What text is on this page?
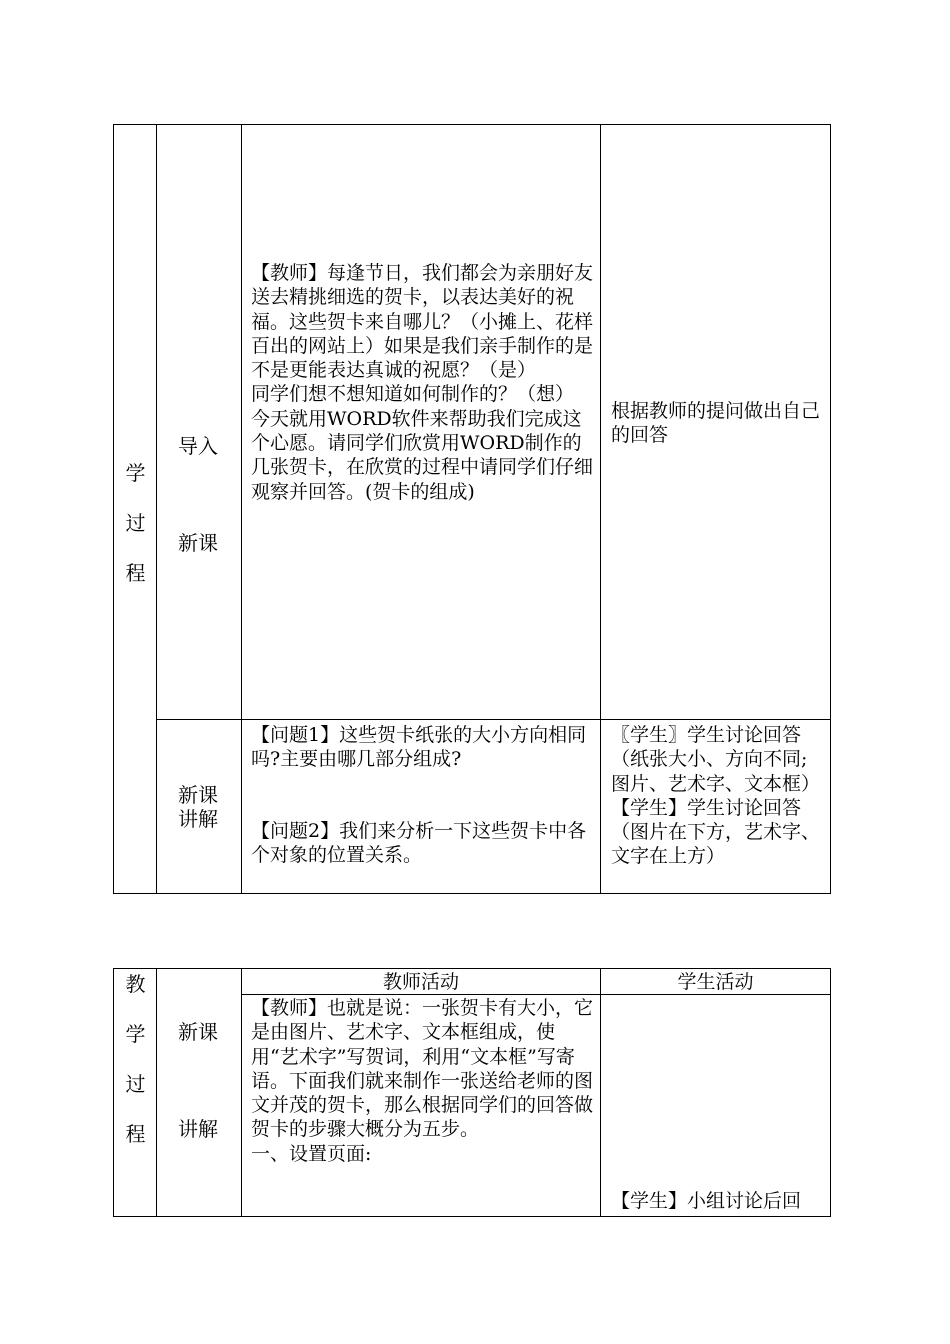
学
过
程

导入

新课

【教师】每逢节日，我们都会为亲朋好友送去精挑细选的贺卡，以表达美好的祝福。这些贺卡来自哪儿？（小摊上、花样百出的网站上）如果是我们亲手制作的是不是更能表达真诚的祝愿？（是）
同学们想不想知道如何制作的？（想）
今天就用WORD软件来帮助我们完成这个心愿。请同学们欣赏用WORD制作的几张贺卡，在欣赏的过程中请同学们仔细观察并回答。(贺卡的组成)
根据教师的提问做出自己的回答
新课
讲解
【问题1】这些贺卡纸张的大小方向相同吗?主要由哪几部分组成?
【问题2】我们来分析一下这些贺卡中各个对象的位置关系。
〖学生〗学生讨论回答（纸张大小、方向不同;图片、艺术字、文本框）
【学生】学生讨论回答（图片在下方，艺术字、文字在上方）
教
学
过
程

新课

讲解

教师活动	学生活动
【教师】也就是说：一张贺卡有大小，它是由图片、艺术字、文本框组成，使用“艺术字”写贺词，利用“文本框”写寄语。下面我们就来制作一张送给老师的图文并茂的贺卡，那么根据同学们的回答做贺卡的步骤大概分为五步。
一、设置页面:
【学生】小组讨论后回
